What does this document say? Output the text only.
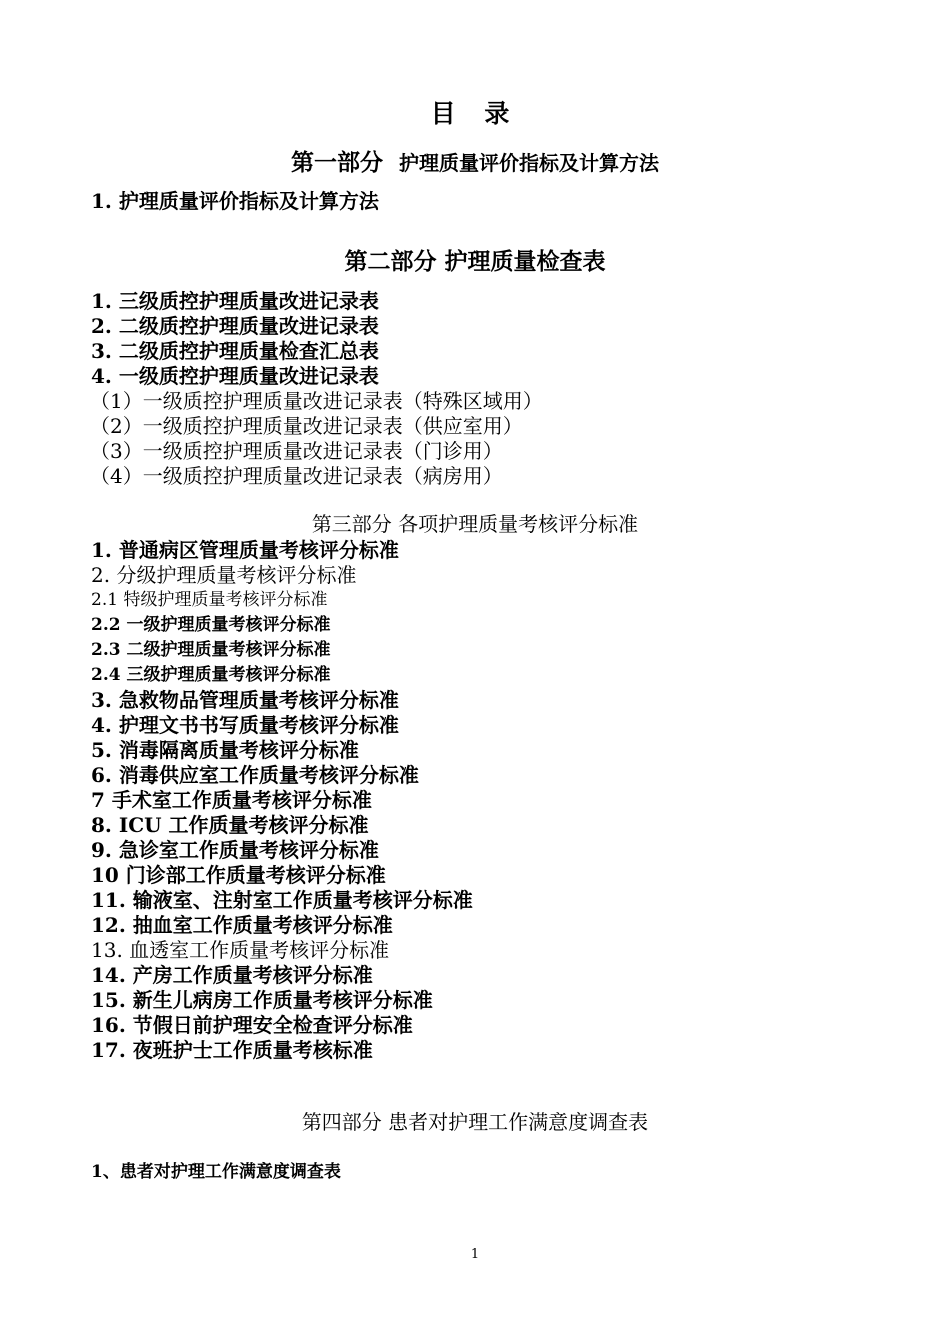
目 录
第一部分 护理质量评价指标及计算方法
1. 护理质量评价指标及计算方法
第二部分 护理质量检查表
1. 三级质控护理质量改进记录表
2. 二级质控护理质量改进记录表
3. 二级质控护理质量检查汇总表
4. 一级质控护理质量改进记录表
（1）一级质控护理质量改进记录表（特殊区域用）
（2）一级质控护理质量改进记录表（供应室用）
（3）一级质控护理质量改进记录表（门诊用）
（4）一级质控护理质量改进记录表（病房用）
第三部分 各项护理质量考核评分标准
1. 普通病区管理质量考核评分标准
2. 分级护理质量考核评分标准
2.1 特级护理质量考核评分标准
2.2 一级护理质量考核评分标准
2.3 二级护理质量考核评分标准
2.4 三级护理质量考核评分标准
3. 急救物品管理质量考核评分标准
4. 护理文书书写质量考核评分标准
5. 消毒隔离质量考核评分标准
6. 消毒供应室工作质量考核评分标准
7 手术室工作质量考核评分标准
8. ICU 工作质量考核评分标准
9. 急诊室工作质量考核评分标准
10 门诊部工作质量考核评分标准
11. 输液室、注射室工作质量考核评分标准
12. 抽血室工作质量考核评分标准
13. 血透室工作质量考核评分标准
14. 产房工作质量考核评分标准
15. 新生儿病房工作质量考核评分标准
16. 节假日前护理安全检查评分标准
17. 夜班护士工作质量考核标准
第四部分 患者对护理工作满意度调查表
1、患者对护理工作满意度调查表
1
